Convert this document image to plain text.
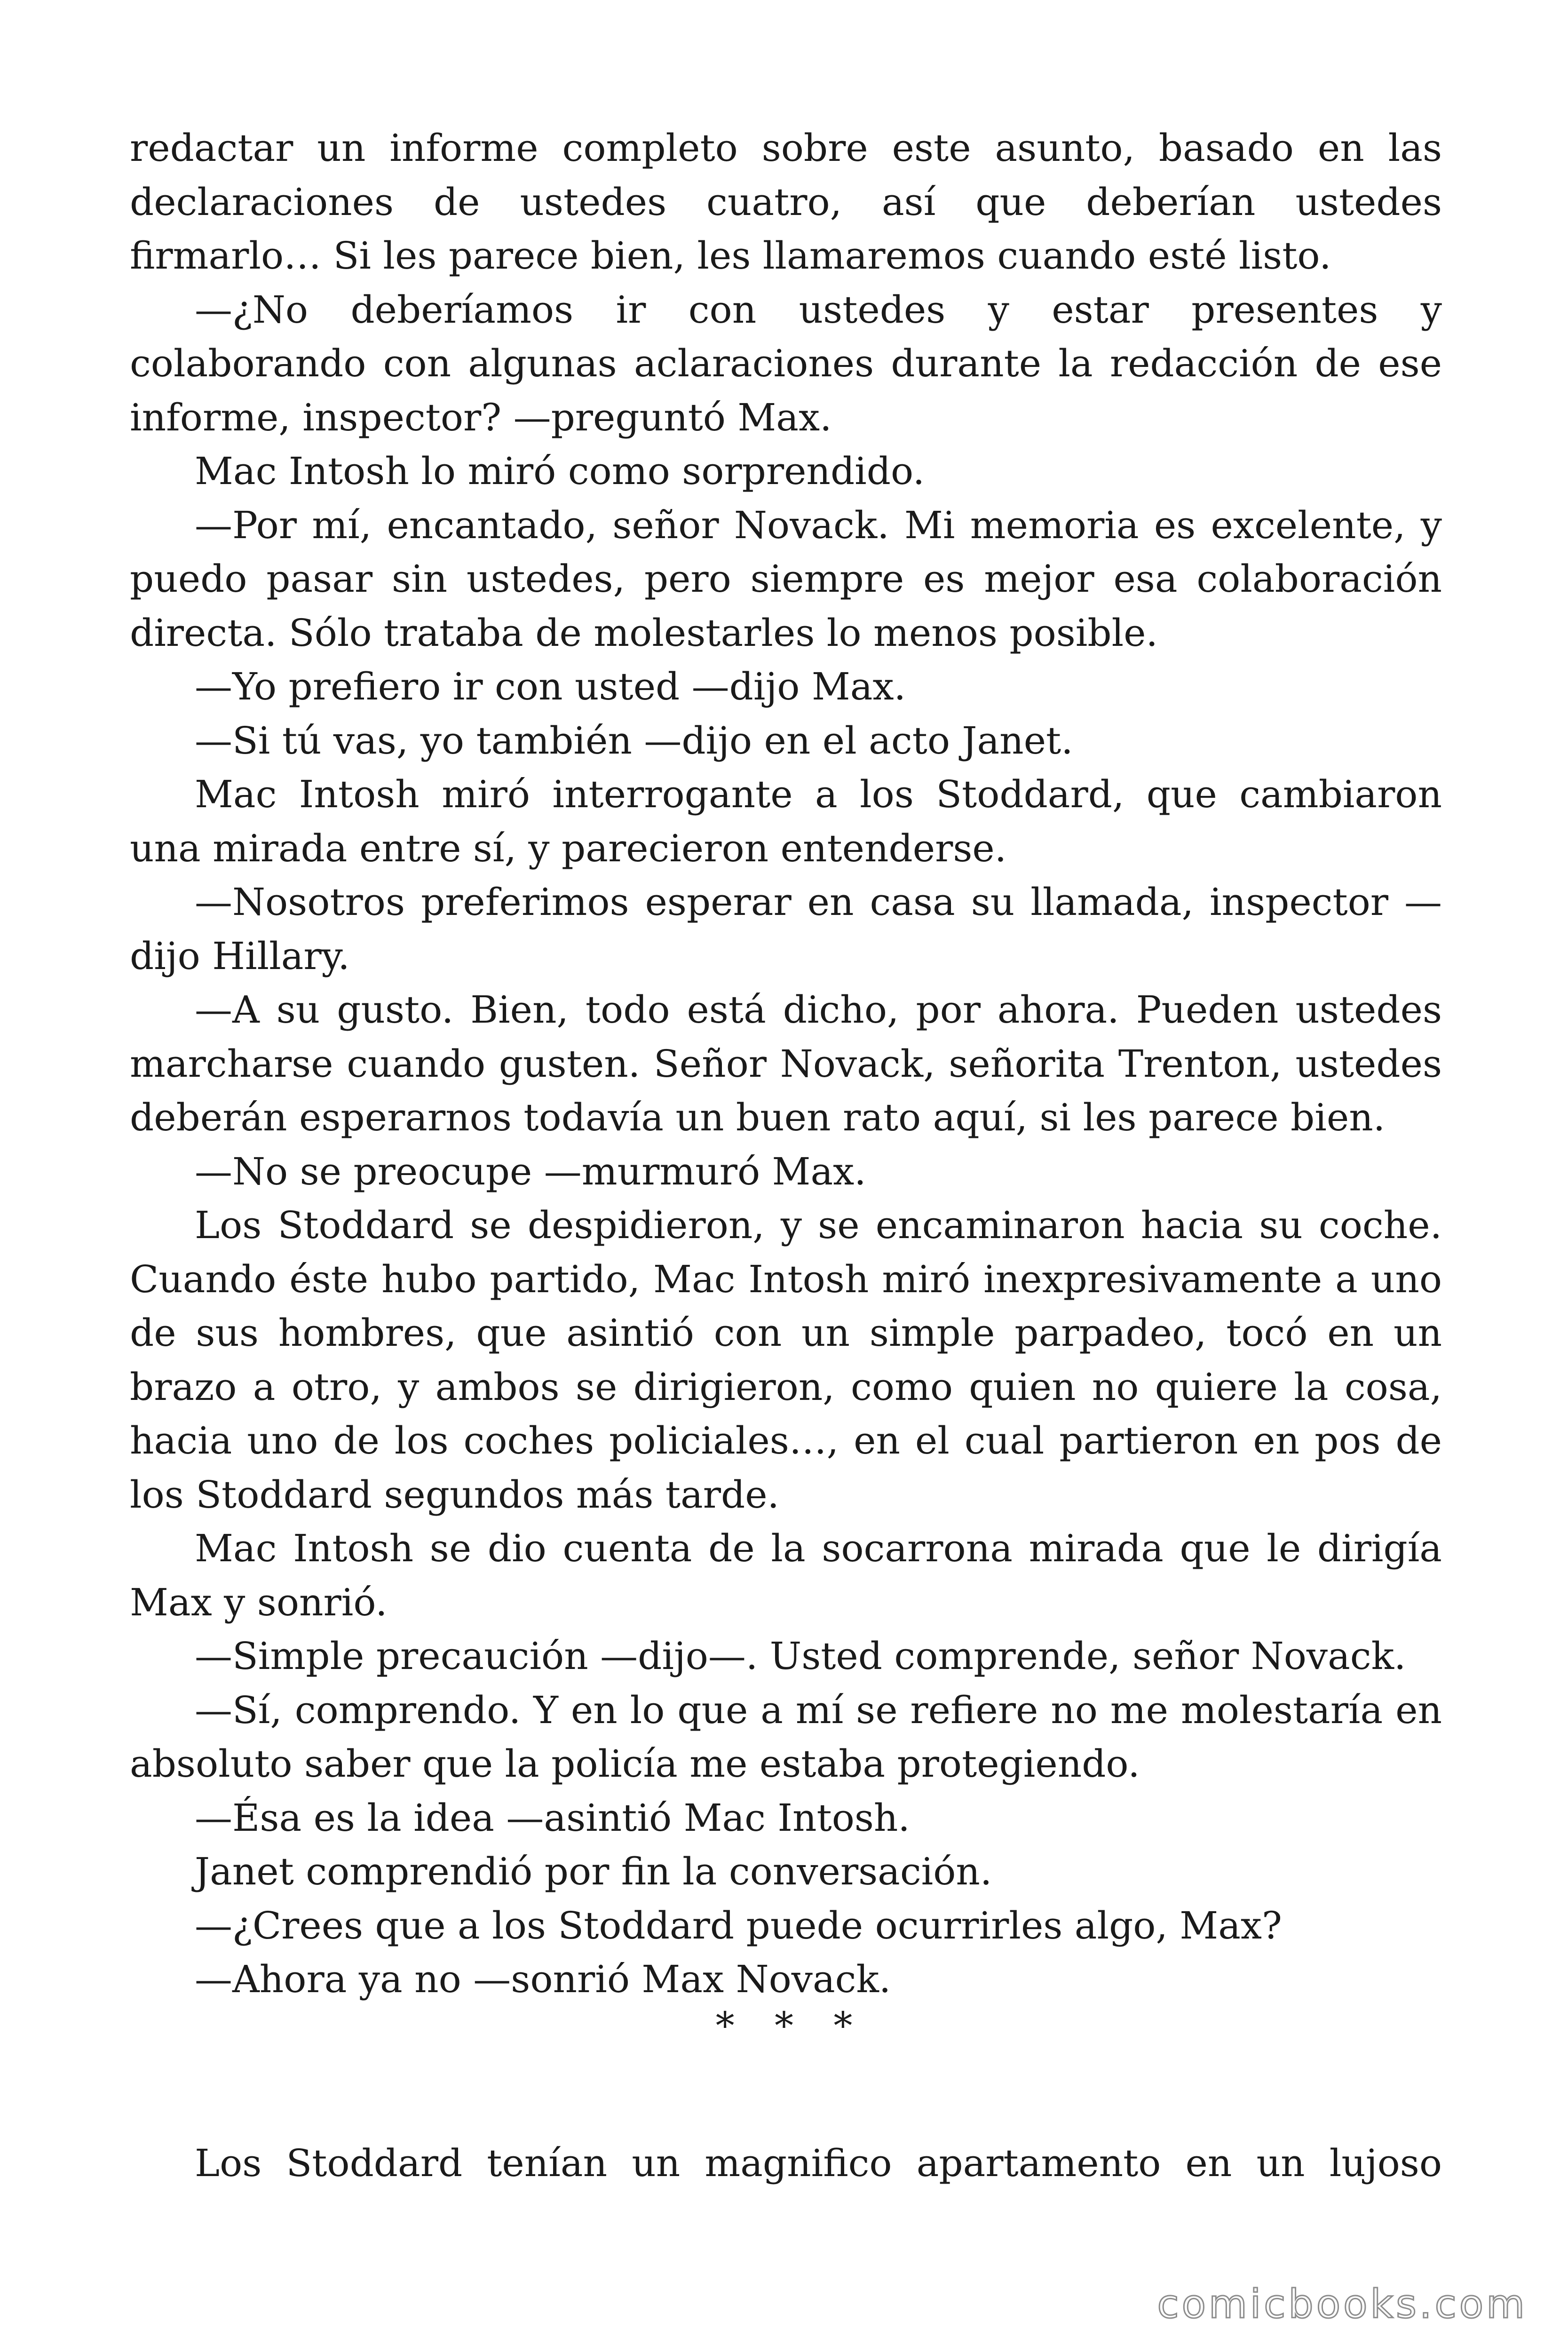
redactar un informe completo sobre este asunto, basado en las declaraciones de ustedes cuatro, así que deberían ustedes firmarlo… Si les parece bien, les llamaremos cuando esté listo.

—¿No deberíamos ir con ustedes y estar presentes y colaborando con algunas aclaraciones durante la redacción de ese informe, inspector? —preguntó Max.

Mac Intosh lo miró como sorprendido.

—Por mí, encantado, señor Novack. Mi memoria es excelente, y puedo pasar sin ustedes, pero siempre es mejor esa colaboración directa. Sólo trataba de molestarles lo menos posible.

—Yo prefiero ir con usted —dijo Max.

—Si tú vas, yo también —dijo en el acto Janet.

Mac Intosh miró interrogante a los Stoddard, que cambiaron una mirada entre sí, y parecieron entenderse.

—Nosotros preferimos esperar en casa su llamada, inspector —dijo Hillary.

—A su gusto. Bien, todo está dicho, por ahora. Pueden ustedes marcharse cuando gusten. Señor Novack, señorita Trenton, ustedes deberán esperarnos todavía un buen rato aquí, si les parece bien.

—No se preocupe —murmuró Max.

Los Stoddard se despidieron, y se encaminaron hacia su coche. Cuando éste hubo partido, Mac Intosh miró inexpresivamente a uno de sus hombres, que asintió con un simple parpadeo, tocó en un brazo a otro, y ambos se dirigieron, como quien no quiere la cosa, hacia uno de los coches policiales…, en el cual partieron en pos de los Stoddard segundos más tarde.

Mac Intosh se dio cuenta de la socarrona mirada que le dirigía Max y sonrió.

—Simple precaución —dijo—. Usted comprende, señor Novack.

—Sí, comprendo. Y en lo que a mí se refiere no me molestaría en absoluto saber que la policía me estaba protegiendo.

—Ésa es la idea —asintió Mac Intosh.

Janet comprendió por fin la conversación.

—¿Crees que a los Stoddard puede ocurrirles algo, Max?

—Ahora ya no —sonrió Max Novack.

* * *

Los Stoddard tenían un magnifico apartamento en un lujoso

comicbooks.com
